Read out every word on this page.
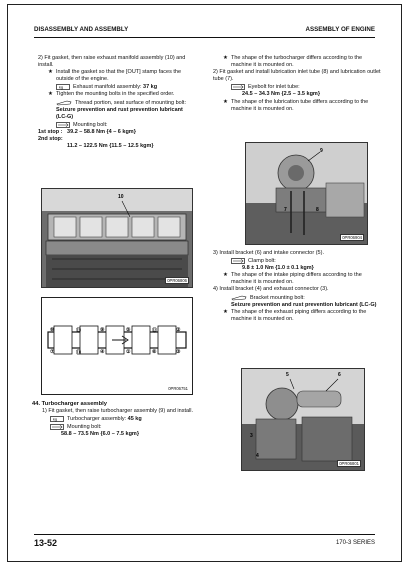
DISASSEMBLY AND ASSEMBLY	ASSEMBLY OF ENGINE

2) Fit gasket, then raise exhaust manifold assembly (10) and install.

★ Install the gasket so that the [OUT] stamp faces the outside of the engine.

kg Exhaust manifold assembly: 37 kg

★ Tighten the mounting bolts in the specified order.

Thread portion, seat surface of mounting bolt:

Seizure prevention and rust prevention lubricant (LC-G)

Mounting bolt:

1st stop : 39.2 – 58.8 Nm {4 – 6 kgm}

2nd stop:

11.2 – 122.5 Nm {11.5 – 12.5 kgm}

10
0PR06806
⑩	⑬	⑨	⑤	⑫	②
⑦	⑪	④	①	⑥	③
0PR06751

44. Turbocharger assembly

1) Fit gasket, then raise turbocharger assembly (9) and install.

kg Turbocharger assembly: 45 kg

Mounting bolt:

58.8 – 73.5 Nm {6.0 – 7.5 kgm}

★ The shape of the turbocharger differs according to the machine it is mounted on.

2) Fit gasket and install lubrication inlet tube (8) and lubrication outlet tube (7).

Eyebolt for inlet tube:

24.5 – 34.3 Nm {2.5 – 3.5 kgm}

★ The shape of the lubrication tube differs according to the machine it is mounted on.

9
7	8
0PR06904

3) Install bracket (6) and intake connector (5).

Clamp bolt:

9.8 ± 1.0 Nm {1.0 ± 0.1 kgm}

★ The shape of the intake piping differs according to the machine it is mounted on.

4) Install bracket (4) and exhaust connector (3).

Bracket mounting bolt:

Seizure prevention and rust prevention lubricant (LC-G)

★ The shape of the exhaust piping differs according to the machine it is mounted on.

5	6
3
4
0PR06801
13-52	170-3 SERIES
